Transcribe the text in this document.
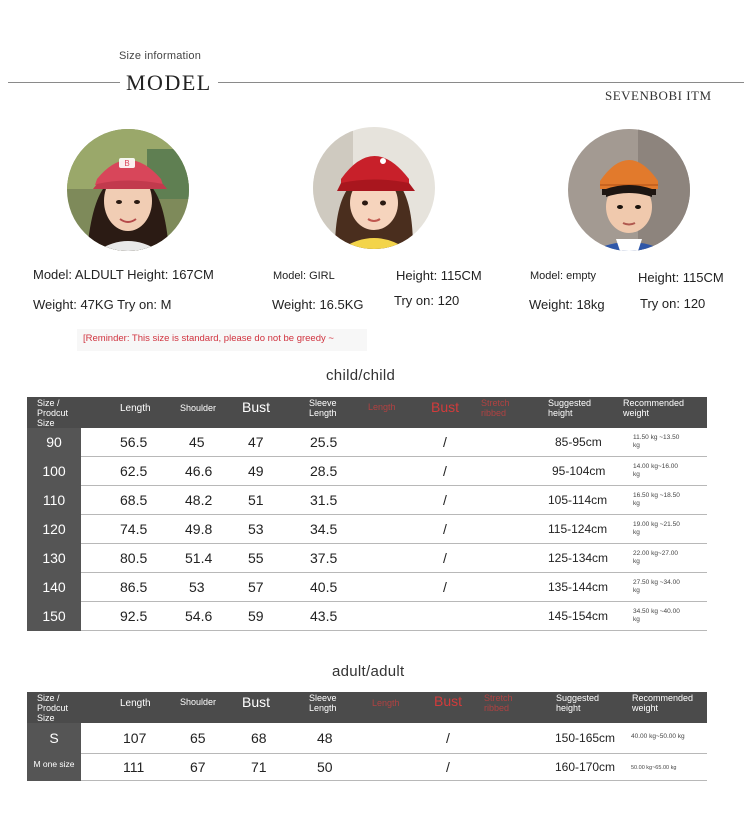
Size information
MODEL
SEVENBOBI ITM
B
Model: ALDULT Height: 167CM
Weight: 47KG Try on: M
Model: GIRL	Height: 115CM
Weight: 16.5KG Try on: 120
Model: empty	Height: 115CM
Weight: 18kg	Try on: 120
[Reminder: This size is standard, please do not be greedy ~
child/child
Size / Prodcut Size
Length	Shoulder Bust	Sleeve Length
Length	Bust Stretch ribbed
Suggested height
Recommended weight
90	56.5	45	47	25.5	/	85-95cm	11.50 kg ~13.50 kg
100	62.5	46.6	49	28.5	/	95-104cm	14.00 kg~16.00 kg
110	68.5	48.2	51	31.5	/	105-114cm	16.50 kg ~18.50 kg
120	74.5	49.8	53	34.5	/	115-124cm	19.00 kg ~21.50 kg
130	80.5	51.4	55	37.5	/	125-134cm	22.00 kg~27.00 kg
140	86.5	53	57	40.5	/	135-144cm	27.50 kg ~34.00 kg
150	92.5	54.6	59	43.5	145-154cm	34.50 kg ~40.00 kg
adult/adult
Size / Prodcut Size
Length	Shoulder Bust	Sleeve Length	Length Bust Stretch ribbed
Suggested height
Recommended weight
S	107	65	68	48	/	150-165cm 40.00 kg~50.00 kg
M one size	111	67	71	50	/	160-170cm	50.00 kg~65.00 kg
